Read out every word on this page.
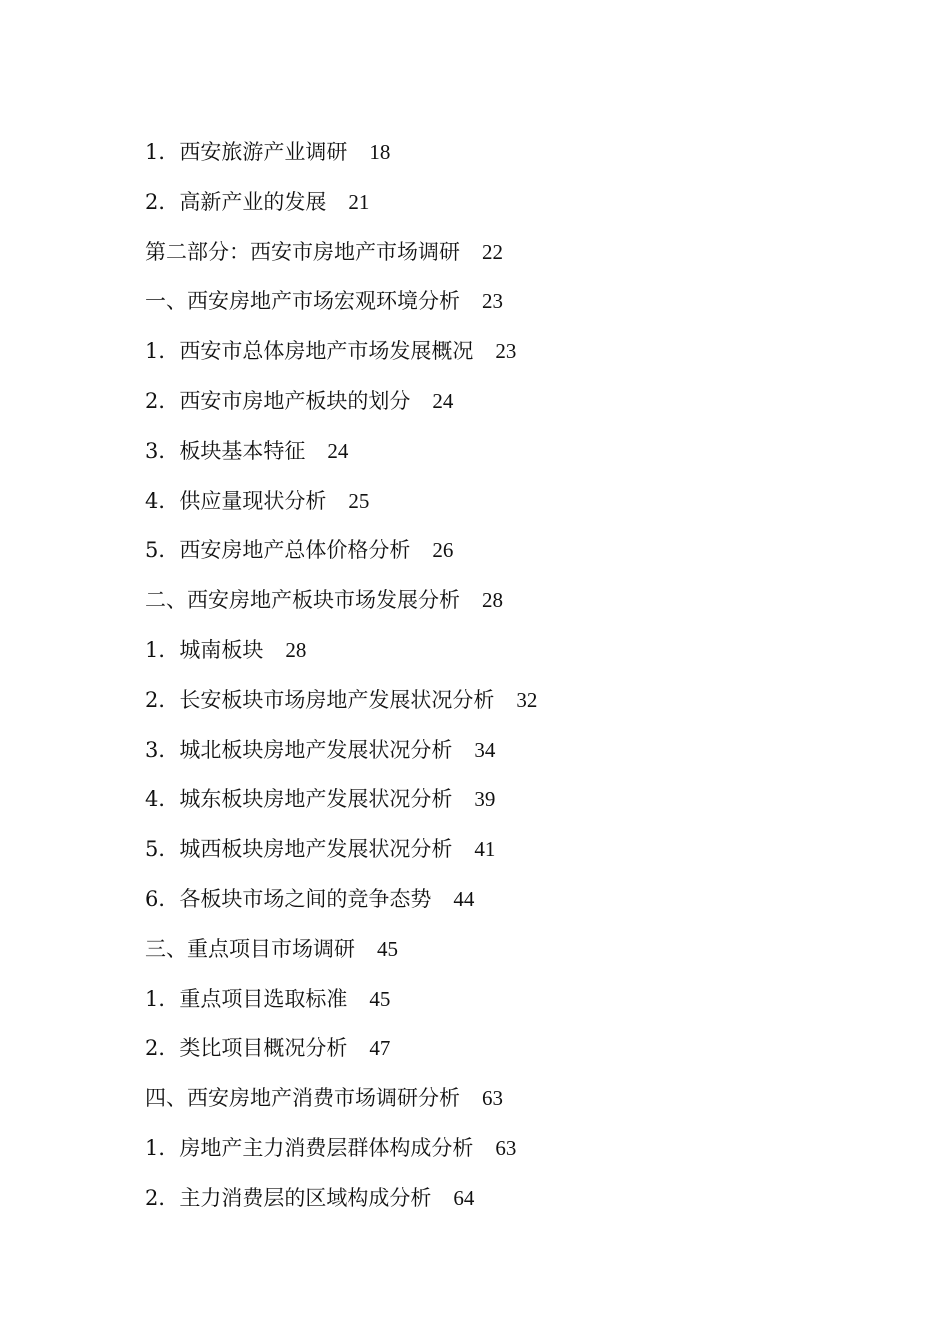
1．西安旅游产业调研 18
2．高新产业的发展 21
第二部分：西安市房地产市场调研 22
一、西安房地产市场宏观环境分析 23
1．西安市总体房地产市场发展概况 23
2．西安市房地产板块的划分 24
3．板块基本特征 24
4．供应量现状分析 25
5．西安房地产总体价格分析 26
二、西安房地产板块市场发展分析 28
1．城南板块 28
2．长安板块市场房地产发展状况分析 32
3．城北板块房地产发展状况分析 34
4．城东板块房地产发展状况分析 39
5．城西板块房地产发展状况分析 41
6．各板块市场之间的竞争态势 44
三、重点项目市场调研 45
1．重点项目选取标准 45
2．类比项目概况分析 47
四、西安房地产消费市场调研分析 63
1．房地产主力消费层群体构成分析 63
2．主力消费层的区域构成分析 64
